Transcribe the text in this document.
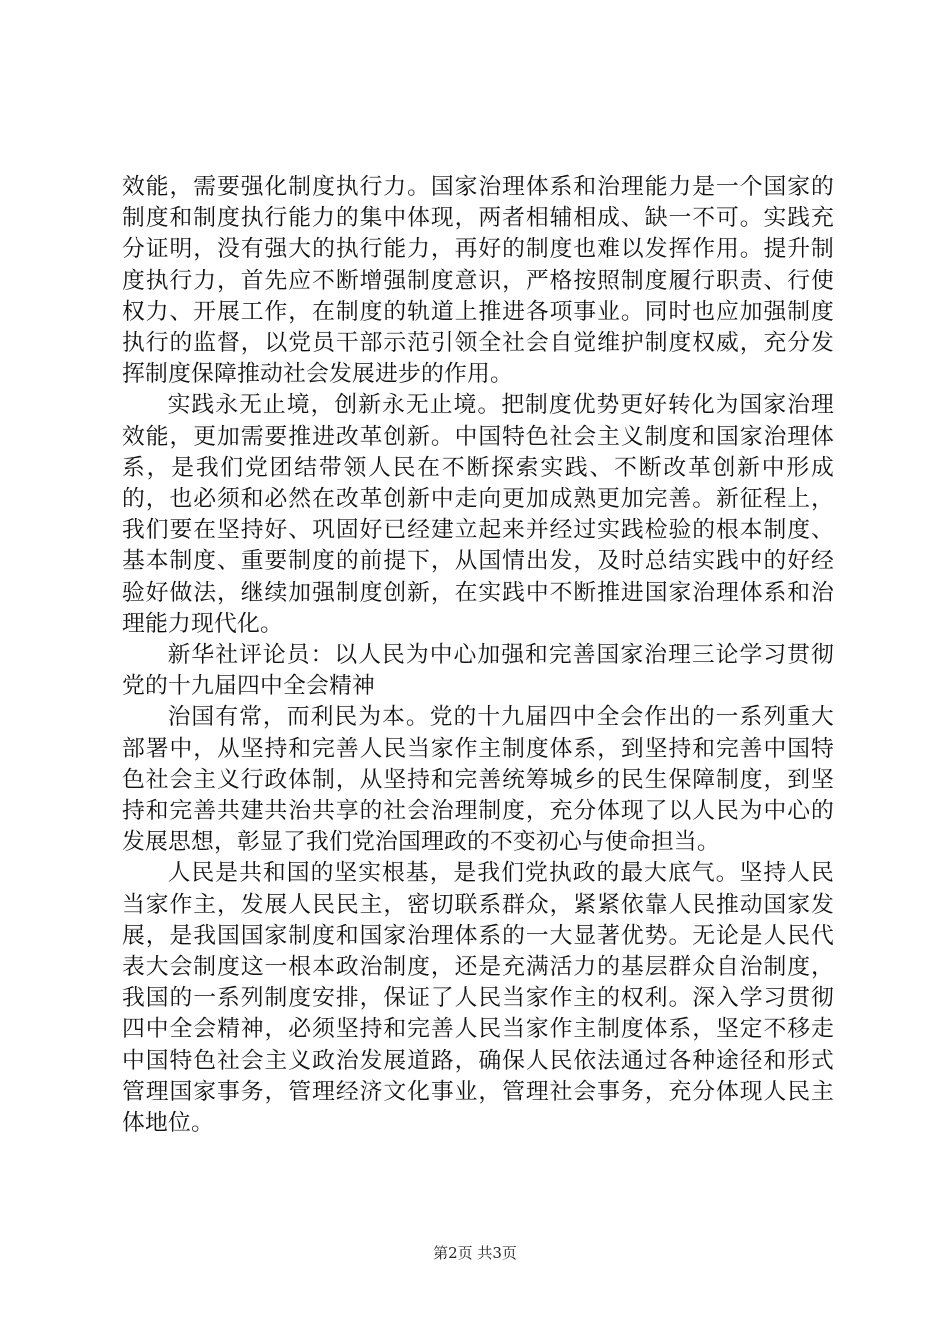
效能，需要强化制度执行力。国家治理体系和治理能力是一个国家的制度和制度执行能力的集中体现，两者相辅相成、缺一不可。实践充分证明，没有强大的执行能力，再好的制度也难以发挥作用。提升制度执行力，首先应不断增强制度意识，严格按照制度履行职责、行使权力、开展工作，在制度的轨道上推进各项事业。同时也应加强制度执行的监督，以党员干部示范引领全社会自觉维护制度权威，充分发挥制度保障推动社会发展进步的作用。

实践永无止境，创新永无止境。把制度优势更好转化为国家治理效能，更加需要推进改革创新。中国特色社会主义制度和国家治理体系，是我们党团结带领人民在不断探索实践、不断改革创新中形成的，也必须和必然在改革创新中走向更加成熟更加完善。新征程上，我们要在坚持好、巩固好已经建立起来并经过实践检验的根本制度、基本制度、重要制度的前提下，从国情出发，及时总结实践中的好经验好做法，继续加强制度创新，在实践中不断推进国家治理体系和治理能力现代化。

新华社评论员：以人民为中心加强和完善国家治理三论学习贯彻党的十九届四中全会精神

治国有常，而利民为本。党的十九届四中全会作出的一系列重大部署中，从坚持和完善人民当家作主制度体系，到坚持和完善中国特色社会主义行政体制，从坚持和完善统筹城乡的民生保障制度，到坚持和完善共建共治共享的社会治理制度，充分体现了以人民为中心的发展思想，彰显了我们党治国理政的不变初心与使命担当。

人民是共和国的坚实根基，是我们党执政的最大底气。坚持人民当家作主，发展人民民主，密切联系群众，紧紧依靠人民推动国家发展，是我国国家制度和国家治理体系的一大显著优势。无论是人民代表大会制度这一根本政治制度，还是充满活力的基层群众自治制度，我国的一系列制度安排，保证了人民当家作主的权利。深入学习贯彻四中全会精神，必须坚持和完善人民当家作主制度体系，坚定不移走中国特色社会主义政治发展道路，确保人民依法通过各种途径和形式管理国家事务，管理经济文化事业，管理社会事务，充分体现人民主体地位。

第2页 共3页
